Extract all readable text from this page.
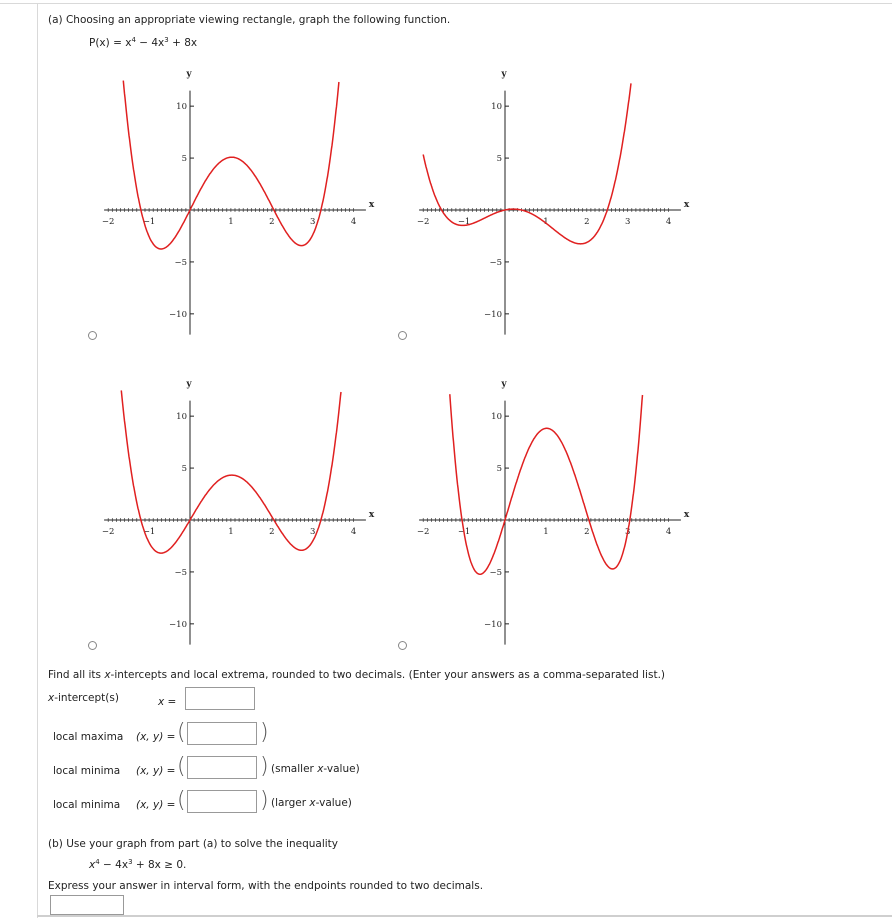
(a) Choosing an appropriate viewing rectangle, graph the following function.
$P(x) = x^4 - 4x^3 + 8x$
−2	−1	1	2	3	4
10
5
−5
−10
x
y
−2	−1	1	2	3	4
10
5
−5
−10
x
y
−2	−1	1	2	3	4
10
5
−5
−10
x
y
−2	−1	1	2	3	4
10
5
−5
−10
x
y
Find all its x-intercepts and local extrema, rounded to two decimals. (Enter your answers as a comma-separated list.)
x-intercept(s)	x =
local maxima (x, y) = (	)
local minima (x, y) = (	) (smaller x-value)
local minima (x, y) = (	) (larger x-value)
(b) Use your graph from part (a) to solve the inequality
$x^4 - 4x^3 + 8x \ge 0$.
Express your answer in interval form, with the endpoints rounded to two decimals.
